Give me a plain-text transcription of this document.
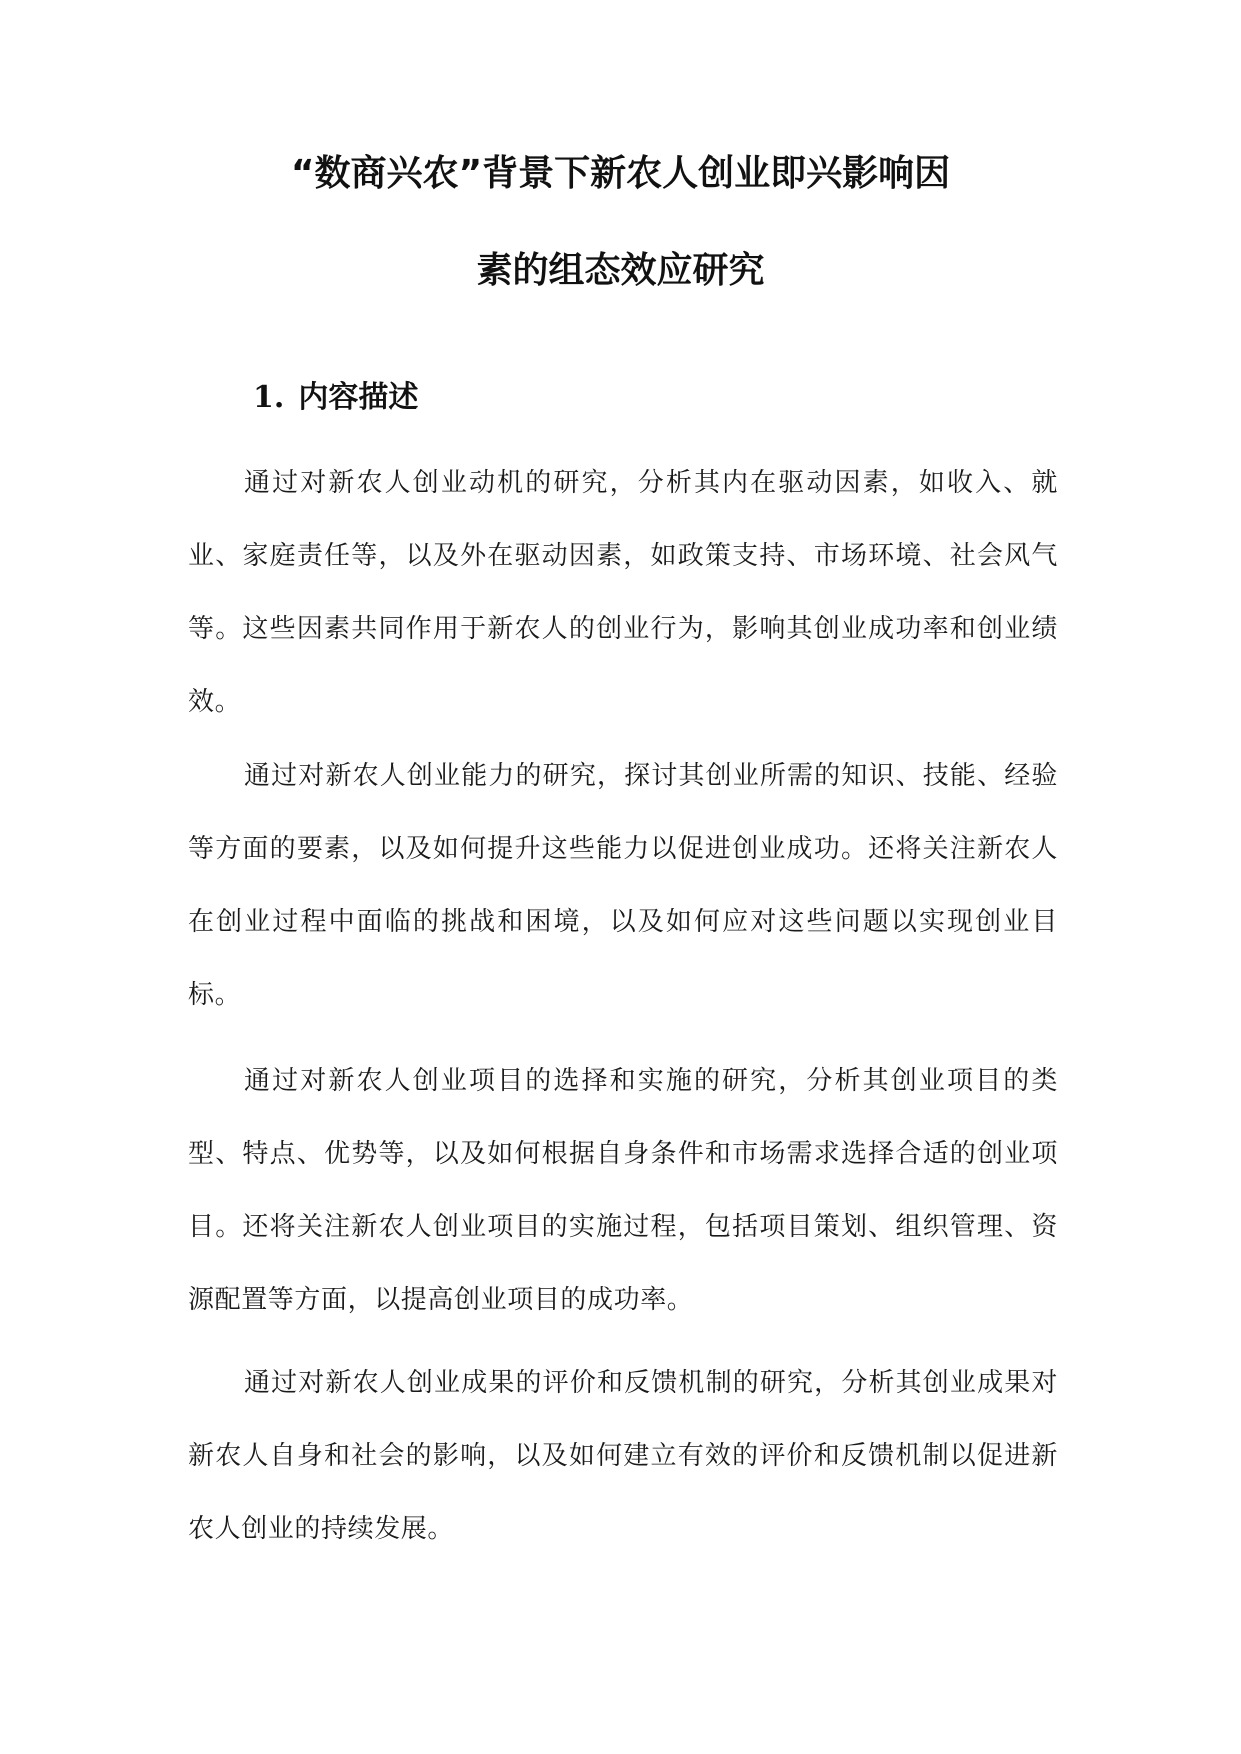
“数商兴农”背景下新农人创业即兴影响因
素的组态效应研究
1. 内容描述

通过对新农人创业动机的研究，分析其内在驱动因素，如收入、就业、家庭责任等，以及外在驱动因素，如政策支持、市场环境、社会风气等。这些因素共同作用于新农人的创业行为，影响其创业成功率和创业绩效。

通过对新农人创业能力的研究，探讨其创业所需的知识、技能、经验等方面的要素，以及如何提升这些能力以促进创业成功。还将关注新农人在创业过程中面临的挑战和困境，以及如何应对这些问题以实现创业目标。

通过对新农人创业项目的选择和实施的研究，分析其创业项目的类型、特点、优势等，以及如何根据自身条件和市场需求选择合适的创业项目。还将关注新农人创业项目的实施过程，包括项目策划、组织管理、资源配置等方面，以提高创业项目的成功率。

通过对新农人创业成果的评价和反馈机制的研究，分析其创业成果对新农人自身和社会的影响，以及如何建立有效的评价和反馈机制以促进新农人创业的持续发展。
